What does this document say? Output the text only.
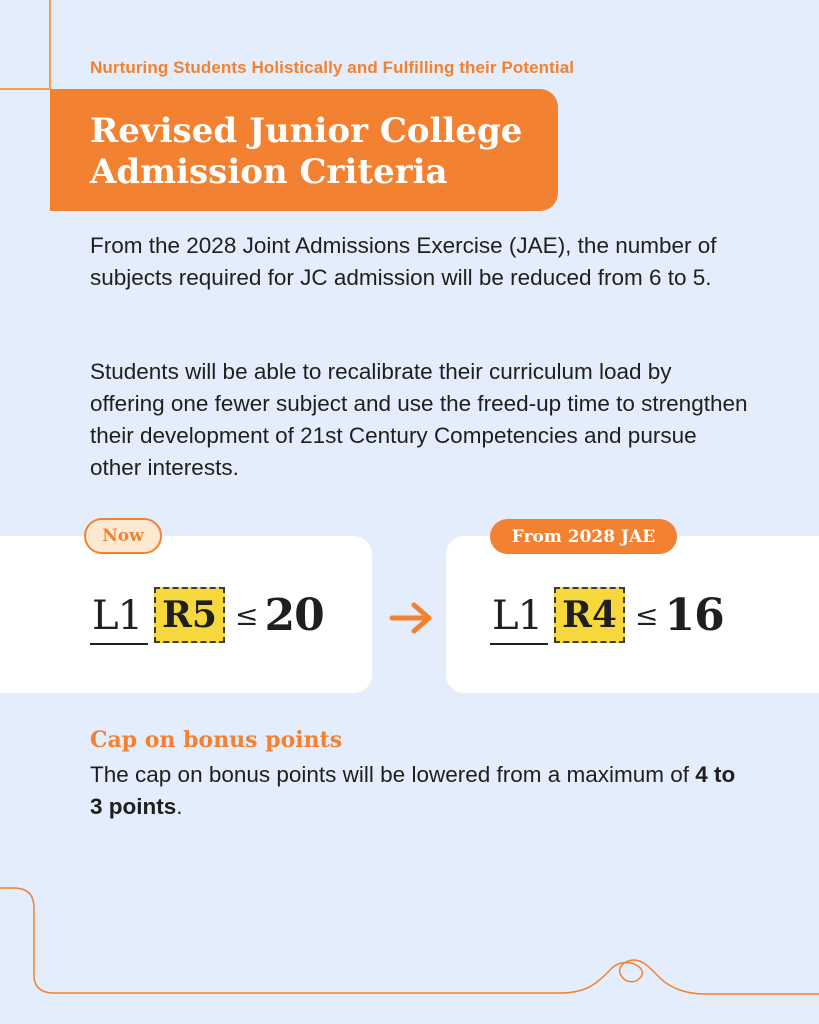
Nurturing Students Holistically and Fulfilling their Potential
Revised Junior College Admission Criteria

From the 2028 Joint Admissions Exercise (JAE), the number of subjects required for JC admission will be reduced from 6 to 5.

Students will be able to recalibrate their curriculum load by offering one fewer subject and use the freed-up time to strengthen their development of 21st Century Competencies and pursue other interests.

Now	From 2028 JAE
L1 R5 ≤ 20	L1 R4 ≤ 16
Cap on bonus points

The cap on bonus points will be lowered from a maximum of 4 to 3 points.
